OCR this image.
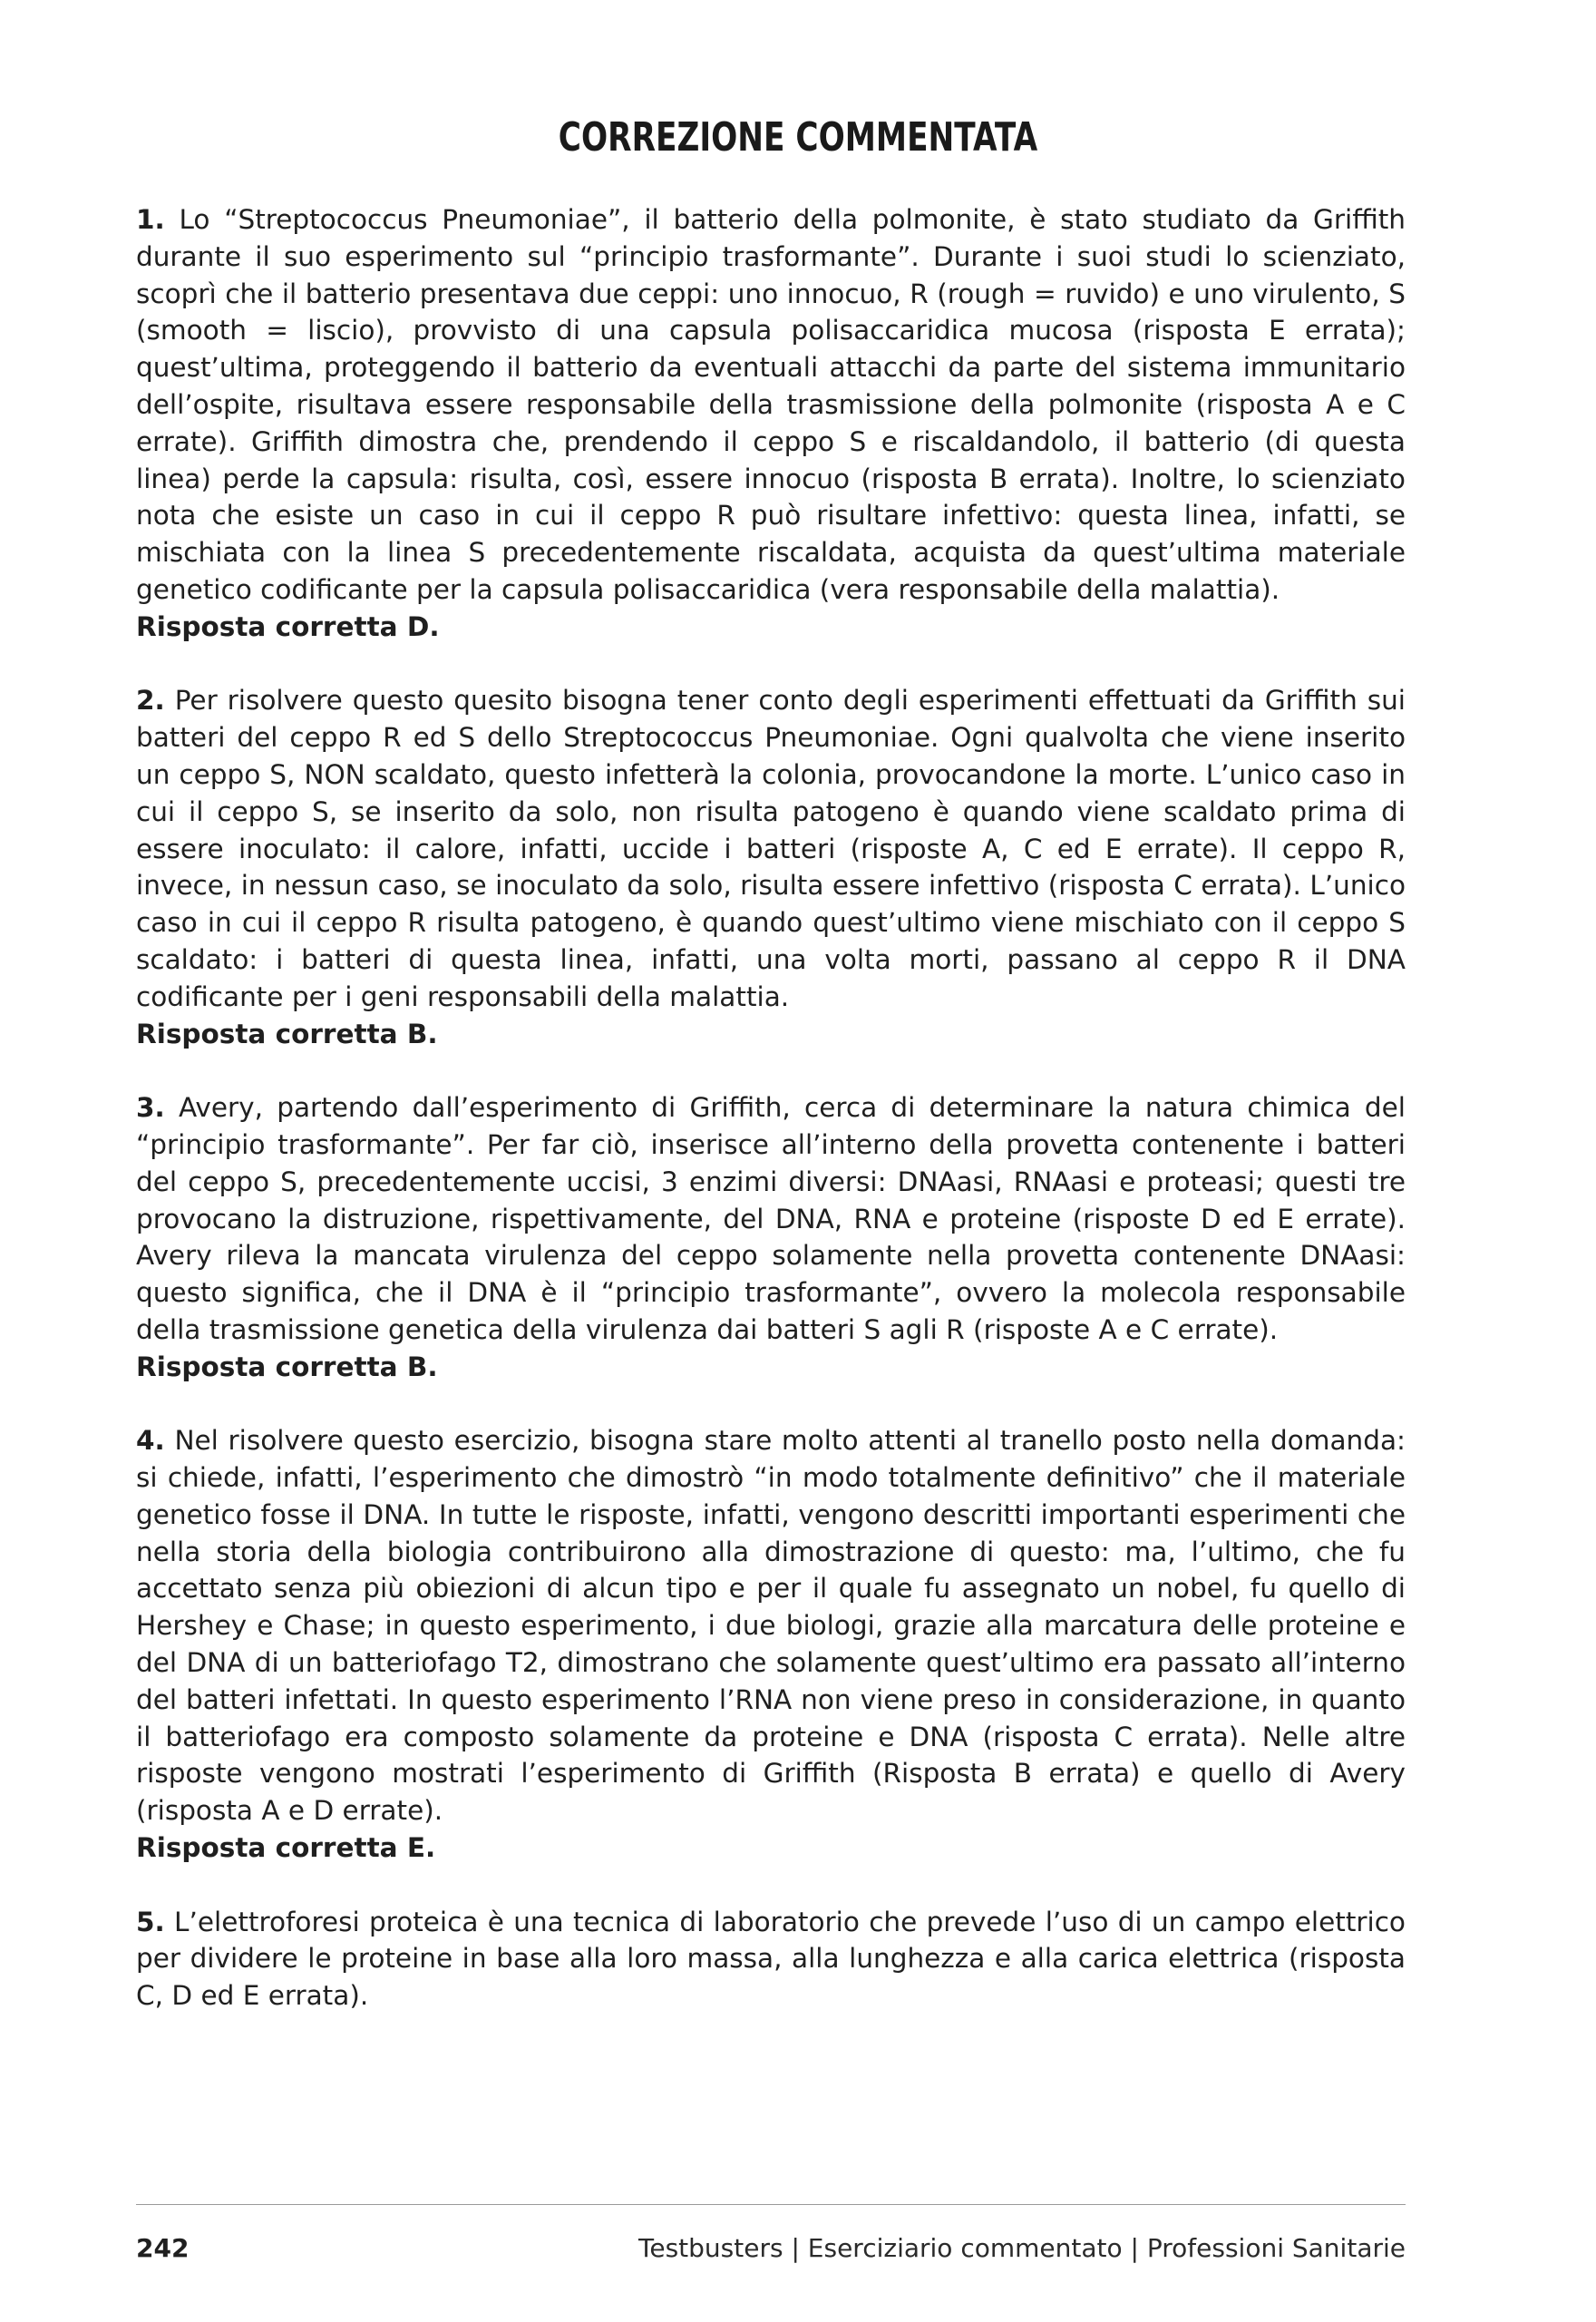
CORREZIONE COMMENTATA

1. Lo “Streptococcus Pneumoniae”, il batterio della polmonite, è stato studiato da Griffith durante il suo esperimento sul “principio trasformante”. Durante i suoi studi lo scienziato, scoprì che il batterio presentava due ceppi: uno innocuo, R (rough = ruvido) e uno virulento, S (smooth = liscio), provvisto di una capsula polisaccaridica mucosa (risposta E errata); quest’ultima, proteggendo il batterio da eventuali attacchi da parte del sistema immunitario dell’ospite, risultava essere responsabile della trasmissione della polmonite (risposta A e C errate). Griffith dimostra che, prendendo il ceppo S e riscaldandolo, il batterio (di questa linea) perde la capsula: risulta, così, essere innocuo (risposta B errata). Inoltre, lo scienziato nota che esiste un caso in cui il ceppo R può risultare infettivo: questa linea, infatti, se mischiata con la linea S precedentemente riscaldata, acquista da quest’ultima materiale genetico codificante per la capsula polisaccaridica (vera responsabile della malattia).

Risposta corretta D.

2. Per risolvere questo quesito bisogna tener conto degli esperimenti effettuati da Griffith sui batteri del ceppo R ed S dello Streptococcus Pneumoniae. Ogni qualvolta che viene inserito un ceppo S, NON scaldato, questo infetterà la colonia, provocandone la morte. L’unico caso in cui il ceppo S, se inserito da solo, non risulta patogeno è quando viene scaldato prima di essere inoculato: il calore, infatti, uccide i batteri (risposte A, C ed E errate). Il ceppo R, invece, in nessun caso, se inoculato da solo, risulta essere infettivo (risposta C errata). L’unico caso in cui il ceppo R risulta patogeno, è quando quest’ultimo viene mischiato con il ceppo S scaldato: i batteri di questa linea, infatti, una volta morti, passano al ceppo R il DNA codificante per i geni responsabili della malattia.

Risposta corretta B.

3. Avery, partendo dall’esperimento di Griffith, cerca di determinare la natura chimica del “principio trasformante”. Per far ciò, inserisce all’interno della provetta contenente i batteri del ceppo S, precedentemente uccisi, 3 enzimi diversi: DNAasi, RNAasi e proteasi; questi tre provocano la distruzione, rispettivamente, del DNA, RNA e proteine (risposte D ed E errate). Avery rileva la mancata virulenza del ceppo solamente nella provetta contenente DNAasi: questo significa, che il DNA è il “principio trasformante”, ovvero la molecola responsabile della trasmissione genetica della virulenza dai batteri S agli R (risposte A e C errate).

Risposta corretta B.

4. Nel risolvere questo esercizio, bisogna stare molto attenti al tranello posto nella domanda: si chiede, infatti, l’esperimento che dimostrò “in modo totalmente definitivo” che il materiale genetico fosse il DNA. In tutte le risposte, infatti, vengono descritti importanti esperimenti che nella storia della biologia contribuirono alla dimostrazione di questo: ma, l’ultimo, che fu accettato senza più obiezioni di alcun tipo e per il quale fu assegnato un nobel, fu quello di Hershey e Chase; in questo esperimento, i due biologi, grazie alla marcatura delle proteine e del DNA di un batteriofago T2, dimostrano che solamente quest’ultimo era passato all’interno del batteri infettati. In questo esperimento l’RNA non viene preso in considerazione, in quanto il batteriofago era composto solamente da proteine e DNA (risposta C errata). Nelle altre risposte vengono mostrati l’esperimento di Griffith (Risposta B errata) e quello di Avery (risposta A e D errate).

Risposta corretta E.

5. L’elettroforesi proteica è una tecnica di laboratorio che prevede l’uso di un campo elettrico per dividere le proteine in base alla loro massa, alla lunghezza e alla carica elettrica (risposta C, D ed E errata).

242	Testbusters | Eserciziario commentato | Professioni Sanitarie
